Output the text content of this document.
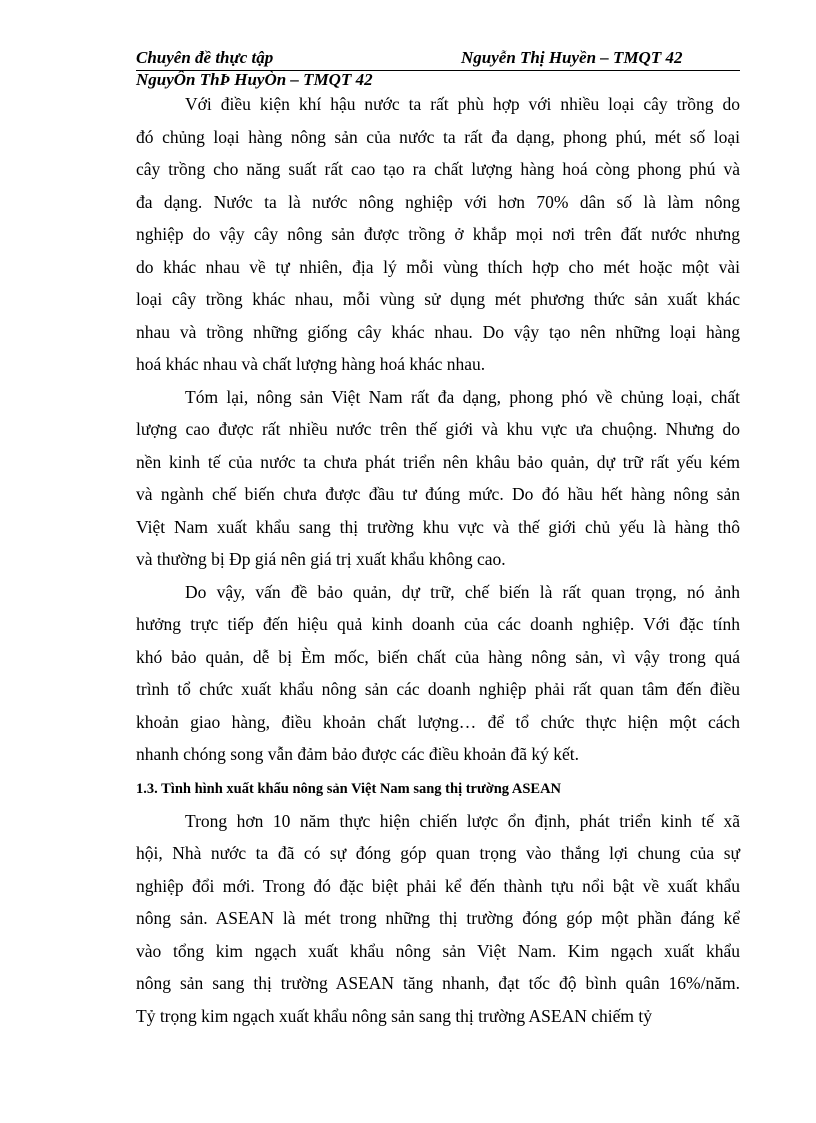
Chuyên đề thực tập	Nguyễn Thị Huyền – TMQT 42
NguyÔn ThÞ HuyÒn – TMQT 42
Với điều kiện khí hậu nước ta rất phù hợp với nhiều loại cây trồng do
đó chủng loại hàng nông sản của nước ta rất đa dạng, phong phú, mét số loại
cây trồng cho năng suất rất cao tạo ra chất lượng hàng hoá còng phong phú và
đa dạng. Nước ta là nước nông nghiệp với hơn 70% dân số là làm nông
nghiệp do vậy cây nông sản được trồng ở khắp mọi nơi trên đất nước nhưng
do khác nhau về tự nhiên, địa lý mỗi vùng thích hợp cho mét hoặc một vài
loại cây trồng khác nhau, mỗi vùng sử dụng mét phương thức sản xuất khác
nhau và trồng những giống cây khác nhau. Do vậy tạo nên những loại hàng
hoá khác nhau và chất lượng hàng hoá khác nhau.
Tóm lại, nông sản Việt Nam rất đa dạng, phong phó về chủng loại, chất
lượng cao được rất nhiều nước trên thế giới và khu vực ưa chuộng. Nhưng do
nền kinh tế của nước ta chưa phát triển nên khâu bảo quản, dự trữ rất yếu kém
và ngành chế biến chưa được đầu tư đúng mức. Do đó hầu hết hàng nông sản
Việt Nam xuất khẩu sang thị trường khu vực và thế giới chủ yếu là hàng thô
và thường bị Ðp giá nên giá trị xuất khẩu không cao.
Do vậy, vấn đề bảo quản, dự trữ, chế biến là rất quan trọng, nó ảnh
hưởng trực tiếp đến hiệu quả kinh doanh của các doanh nghiệp. Với đặc tính
khó bảo quản, dễ bị Èm mốc, biến chất của hàng nông sản, vì vậy trong quá
trình tổ chức xuất khẩu nông sản các doanh nghiệp phải rất quan tâm đến điều
khoản giao hàng, điều khoản chất lượng… để tổ chức thực hiện một cách
nhanh chóng song vẫn đảm bảo được các điều khoản đã ký kết.
1.3. Tình hình xuất khẩu nông sản Việt Nam sang thị trường ASEAN
Trong hơn 10 năm thực hiện chiến lược ổn định, phát triển kinh tế xã
hội, Nhà nước ta đã có sự đóng góp quan trọng vào thắng lợi chung của sự
nghiệp đổi mới. Trong đó đặc biệt phải kể đến thành tựu nổi bật về xuất khẩu
nông sản. ASEAN là mét trong những thị trường đóng góp một phần đáng kể
vào tổng kim ngạch xuất khẩu nông sản Việt Nam. Kim ngạch xuất khẩu
nông sản sang thị trường ASEAN tăng nhanh, đạt tốc độ bình quân 16%/năm.
Tỷ trọng kim ngạch xuất khẩu nông sản sang thị trường ASEAN chiếm tỷ
